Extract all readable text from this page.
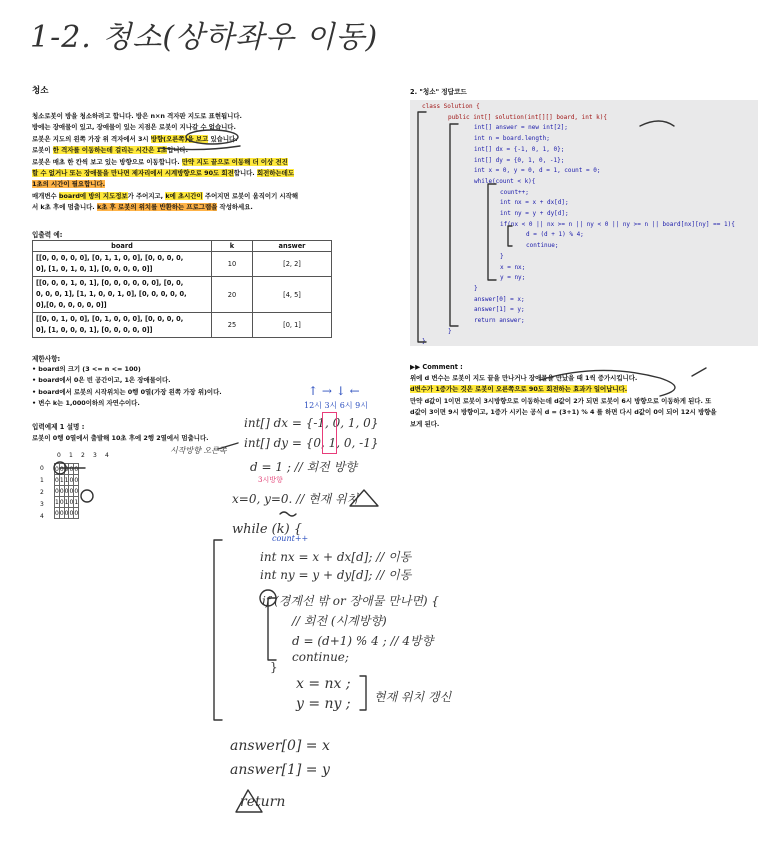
1-2. 청소(상하좌우 이동)
청소

청소로봇이 방을 청소하려고 합니다. 방은 n×n 격자판 지도로 표현됩니다.

방에는 장애물이 있고, 장애물이 있는 지점은 로봇이 지나갈 수 없습니다.

로봇은 지도의 왼쪽 가장 위 격자에서 3시 방향(오른쪽)을 보고 있습니다.

로봇이 한 격자를 이동하는데 걸리는 시간은 1초입니다.

로봇은 매초 한 칸씩 보고 있는 방향으로 이동합니다. 만약 지도 끝으로 이동해 더 이상 전진

할 수 없거나 또는 장애물을 만나면 제자리에서 시계방향으로 90도 회전합니다. 회전하는데도

1초의 시간이 필요합니다.

매개변수 board에 방의 지도정보가 주어지고, k에 초시간이 주어지면 로봇이 움직이기 시작해

서 k초 후에 멈춥니다. k초 후 로봇의 위치를 반환하는 프로그램을 작성하세요.

입출력 예:
board	k	answer

[[0, 0, 0, 0, 0], [0, 1, 1, 0, 0], [0, 0, 0, 0,
0], [1, 0, 1, 0, 1], [0, 0, 0, 0, 0]]	10	[2, 2]

[[0, 0, 0, 1, 0, 1], [0, 0, 0, 0, 0, 0], [0, 0,
0, 0, 0, 1], [1, 1, 0, 0, 1, 0], [0, 0, 0, 0, 0,
0],[0, 0, 0, 0, 0, 0]]	20	[4, 5]

[[0, 0, 1, 0, 0], [0, 1, 0, 0, 0], [0, 0, 0, 0,
0], [1, 0, 0, 0, 1], [0, 0, 0, 0, 0]]	25	[0, 1]
제한사항:

• board의 크기 (3 <= n <= 100)

• board에서 0은 빈 공간이고, 1은 장애물이다.

• board에서 로봇의 시작위치는 0행 0열(가장 왼쪽 가장 위)이다.

• 변수 k는 1,000이하의 자연수이다.

입력예제 1 설명 :
로봇이 0행 0열에서 출발해 10초 후에 2행 2열에서 멈춥니다.
0 1 2 3 4
0
1
2
3
4
0	0	0	0	0
0	1	1	0	0
0	0	0	0	0
1	0	1	0	1
0	0	0	0	0
2. "청소" 정답코드
class Solution {
public int[] solution(int[][] board, int k){
int[] answer = new int[2];
int n = board.length;
int[] dx = {-1, 0, 1, 0};
int[] dy = {0, 1, 0, -1};
int x = 0, y = 0, d = 1, count = 0;
while(count < k){
count++;
int nx = x + dx[d];
int ny = y + dy[d];
if(nx < 0 || nx >= n || ny < 0 || ny >= n || board[nx][ny] == 1){
d = (d + 1) % 4;
continue;
}
x = nx;
y = ny;
}
answer[0] = x;
answer[1] = y;
return answer;
}
}
▶▶ Comment :

위에 d 변수는 로봇이 지도 끝을 만나거나 장애물을 만났을 때 1씩 증가시킵니다.

d변수가 1증가는 것은 로봇이 오른쪽으로 90도 회전하는 효과가 일어납니다.

만약 d값이 1이면 로봇이 3시방향으로 이동하는데 d값이 2가 되면 로봇이 6시 방향으로 이동하게 된다. 또

d값이 3이면 9시 방향이고, 1증가 시키는 공식 d = (3+1) % 4 를 하면 다시 d값이 0이 되어 12시 방향을

보게 된다.

↑ → ↓ ←
12시 3시 6시 9시
int[] dx = {-1, 0, 1, 0}
int[] dy = {0, 1, 0, -1}
d = 1 ; // 회전 방향
3시방향
x=0, y=0. // 현재 위치
시작방향 오른쪽
while (k) {
count++
int nx = x + dx[d]; // 이동
int ny = y + dy[d]; // 이동
if (경계선 밖 or 장애물 만나면) {
// 회전 (시계방향)
d = (d+1) % 4 ; // 4방향
continue;
}
x = nx ;
y = ny ; 현재 위치 갱신
answer[0] = x
answer[1] = y
return
